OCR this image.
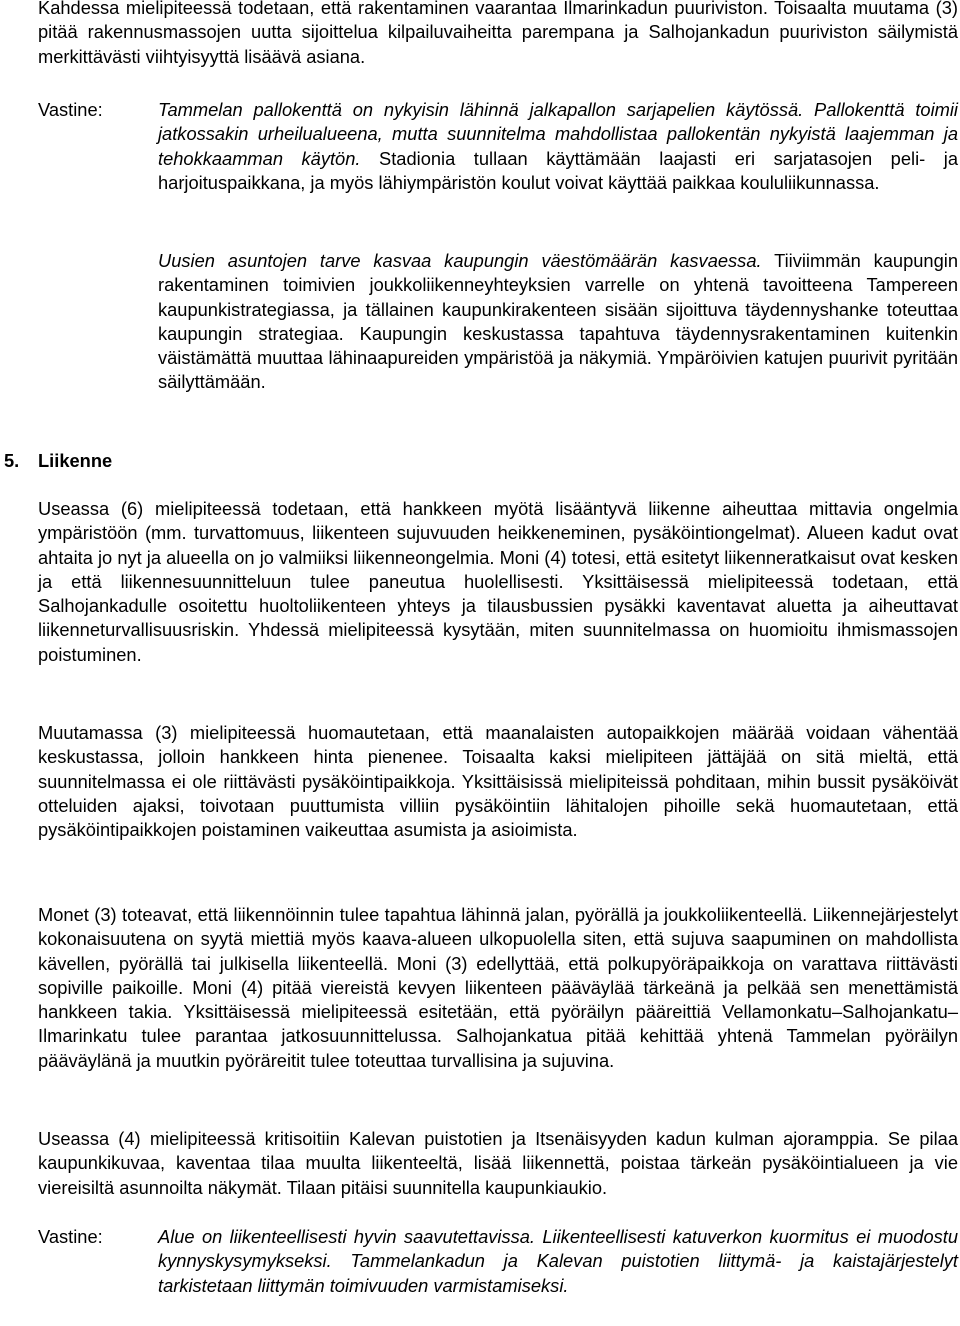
Kahdessa mielipiteessä todetaan, että rakentaminen vaarantaa Ilmarinkadun puuriviston. Toisaalta muutama (3) pitää rakennusmassojen uutta sijoittelua kilpailuvaiheitta parempana ja Salhojankadun puuriviston säilymistä merkittävästi viihtyisyyttä lisäävä asiana.

Vastine:	Tammelan pallokenttä on nykyisin lähinnä jalkapallon sarjapelien käytössä. Pallokenttä toimii jatkossakin urheilualueena, mutta suunnitelma mahdollistaa pallokentän nykyistä laajemman ja tehokkaamman käytön. Stadionia tullaan käyttämään laajasti eri sarjatasojen peli- ja harjoituspaikkana, ja myös lähiympäristön koulut voivat käyttää paikkaa koululiikunnassa.

Uusien asuntojen tarve kasvaa kaupungin väestömäärän kasvaessa. Tiiviimmän kaupungin rakentaminen toimivien joukkoliikenneyhteyksien varrelle on yhtenä tavoitteena Tampereen kaupunkistrategiassa, ja tällainen kaupunkirakenteen sisään sijoittuva täydennyshanke toteuttaa kaupungin strategiaa. Kaupungin keskustassa tapahtuva täydennysrakentaminen kuitenkin väistämättä muuttaa lähinaapureiden ympäristöä ja näkymiä. Ympäröivien katujen puurivit pyritään säilyttämään.

5.	Liikenne

Useassa (6) mielipiteessä todetaan, että hankkeen myötä lisääntyvä liikenne aiheuttaa mittavia ongelmia ympäristöön (mm. turvattomuus, liikenteen sujuvuuden heikkeneminen, pysäköintiongelmat). Alueen kadut ovat ahtaita jo nyt ja alueella on jo valmiiksi liikenneongelmia. Moni (4) totesi, että esitetyt liikenneratkaisut ovat kesken ja että liikennesuunnitteluun tulee paneutua huolellisesti. Yksittäisessä mielipiteessä todetaan, että Salhojankadulle osoitettu huoltoliikenteen yhteys ja tilausbussien pysäkki kaventavat aluetta ja aiheuttavat liikenneturvallisuusriskin. Yhdessä mielipiteessä kysytään, miten suunnitelmassa on huomioitu ihmismassojen poistuminen.

Muutamassa (3) mielipiteessä huomautetaan, että maanalaisten autopaikkojen määrää voidaan vähentää keskustassa, jolloin hankkeen hinta pienenee. Toisaalta kaksi mielipiteen jättäjää on sitä mieltä, että suunnitelmassa ei ole riittävästi pysäköintipaikkoja. Yksittäisissä mielipiteissä pohditaan, mihin bussit pysäköivät otteluiden ajaksi, toivotaan puuttumista villiin pysäköintiin lähitalojen pihoille sekä huomautetaan, että pysäköintipaikkojen poistaminen vaikeuttaa asumista ja asioimista.

Monet (3) toteavat, että liikennöinnin tulee tapahtua lähinnä jalan, pyörällä ja joukkoliikenteellä. Liikennejärjestelyt kokonaisuutena on syytä miettiä myös kaava-alueen ulkopuolella siten, että sujuva saapuminen on mahdollista kävellen, pyörällä tai julkisella liikenteellä. Moni (3) edellyttää, että polkupyöräpaikkoja on varattava riittävästi sopiville paikoille. Moni (4) pitää viereistä kevyen liikenteen pääväylää tärkeänä ja pelkää sen menettämistä hankkeen takia. Yksittäisessä mielipiteessä esitetään, että pyöräilyn pääreittiä Vellamonkatu–Salhojankatu–Ilmarinkatu tulee parantaa jatkosuunnittelussa. Salhojankatua pitää kehittää yhtenä Tammelan pyöräilyn pääväylänä ja muutkin pyöräreitit tulee toteuttaa turvallisina ja sujuvina.

Useassa (4) mielipiteessä kritisoitiin Kalevan puistotien ja Itsenäisyyden kadun kulman ajoramppia. Se pilaa kaupunkikuvaa, kaventaa tilaa muulta liikenteeltä, lisää liikennettä, poistaa tärkeän pysäköintialueen ja vie viereisiltä asunnoilta näkymät. Tilaan pitäisi suunnitella kaupunkiaukio.

Vastine:	Alue on liikenteellisesti hyvin saavutettavissa. Liikenteellisesti katuverkon kuormitus ei muodostu kynnyskysymykseksi. Tammelankadun ja Kalevan puistotien liittymä- ja kaistajärjestelyt tarkistetaan liittymän toimivuuden varmistamiseksi.
